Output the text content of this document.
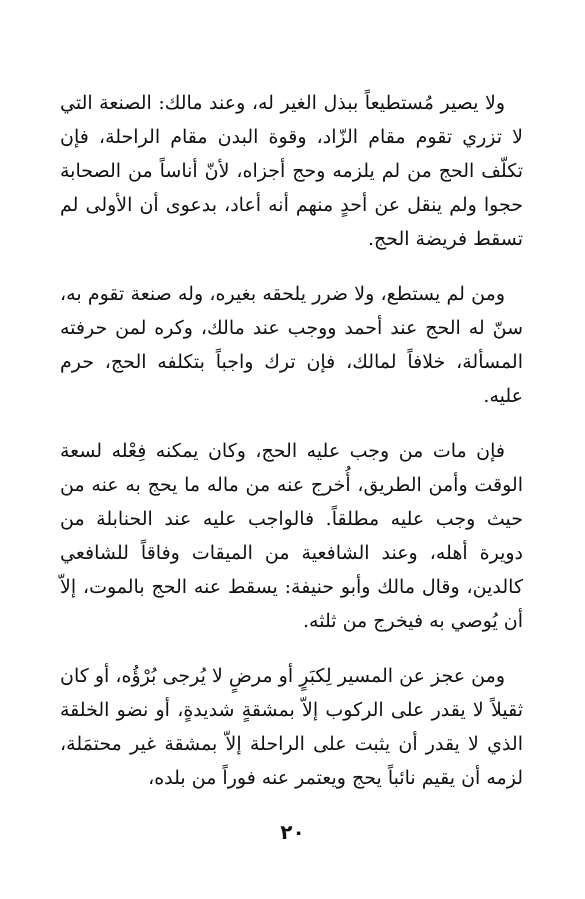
ولا يصير مُستطيعاً ببذل الغير له، وعند مالك: الصنعة التي لا تزري تقوم مقام الزّاد، وقوة البدن مقام الراحلة، فإن تكلّف الحج من لم يلزمه وحج أجزاه، لأنّ أناساً من الصحابة حجوا ولم ينقل عن أحدٍ منهم أنه أعاد، بدعوى أن الأولى لم تسقط فريضة الحج.

ومن لم يستطع، ولا ضرر يلحقه بغيره، وله صنعة تقوم به، سنّ له الحج عند أحمد ووجب عند مالك، وكره لمن حرفته المسألة، خلافاً لمالك، فإن ترك واجباً بتكلفه الحج، حرم عليه.

فإن مات من وجب عليه الحج، وكان يمكنه فِعْله لسعة الوقت وأمن الطريق، أُخرج عنه من ماله ما يحج به عنه من حيث وجب عليه مطلقاً. فالواجب عليه عند الحنابلة من دويرة أهله، وعند الشافعية من الميقات وفاقاً للشافعي كالدين، وقال مالك وأبو حنيفة: يسقط عنه الحج بالموت، إلاّ أن يُوصي به فيخرج من ثلثه.

ومن عجز عن المسير لِكبَرٍ أو مرضٍ لا يُرجى بُرْؤُه، أو كان ثقيلاً لا يقدر على الركوب إلاّ بمشقةٍ شديدةٍ، أو نضو الخلقة الذي لا يقدر أن يثبت على الراحلة إلاّ بمشقة غير محتمَلة، لزمه أن يقيم نائباً يحج ويعتمر عنه فوراً من بلده،

٢٠
